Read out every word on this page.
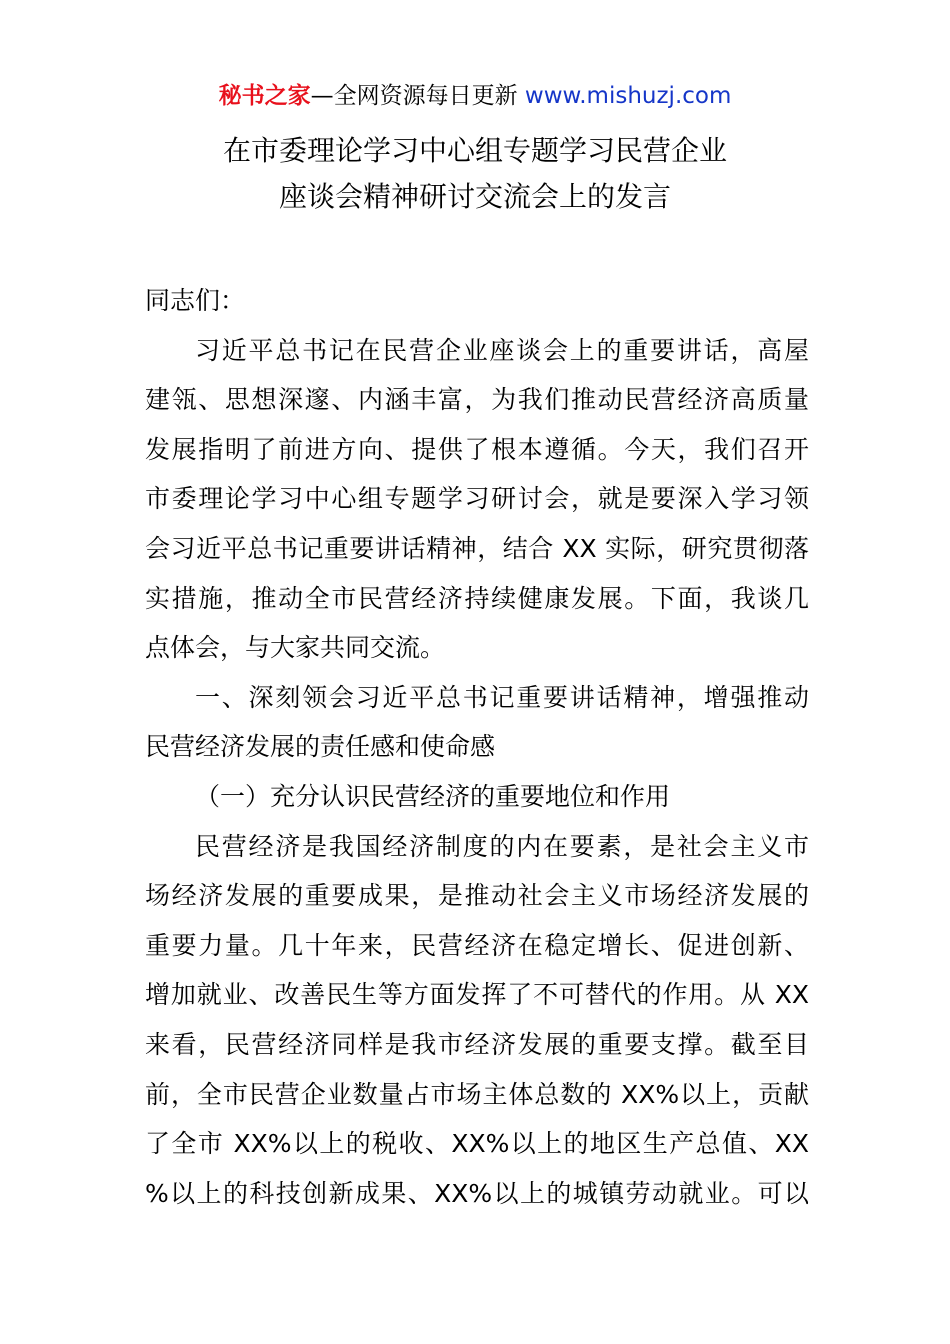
秘书之家—全网资源每日更新 www.mishuzj.com
在市委理论学习中心组专题学习民营企业
座谈会精神研讨交流会上的发言
同志们：
习近平总书记在民营企业座谈会上的重要讲话，高屋
建瓴、思想深邃、内涵丰富，为我们推动民营经济高质量
发展指明了前进方向、提供了根本遵循。今天，我们召开
市委理论学习中心组专题学习研讨会，就是要深入学习领
会习近平总书记重要讲话精神，结合 XX 实际，研究贯彻落
实措施，推动全市民营经济持续健康发展。下面，我谈几
点体会，与大家共同交流。
一、深刻领会习近平总书记重要讲话精神，增强推动
民营经济发展的责任感和使命感
（一）充分认识民营经济的重要地位和作用
民营经济是我国经济制度的内在要素，是社会主义市
场经济发展的重要成果，是推动社会主义市场经济发展的
重要力量。几十年来，民营经济在稳定增长、促进创新、
增加就业、改善民生等方面发挥了不可替代的作用。从 XX
来看，民营经济同样是我市经济发展的重要支撑。截至目
前，全市民营企业数量占市场主体总数的 XX%以上，贡献
了全市 XX%以上的税收、XX%以上的地区生产总值、XX
%以上的科技创新成果、XX%以上的城镇劳动就业。可以
